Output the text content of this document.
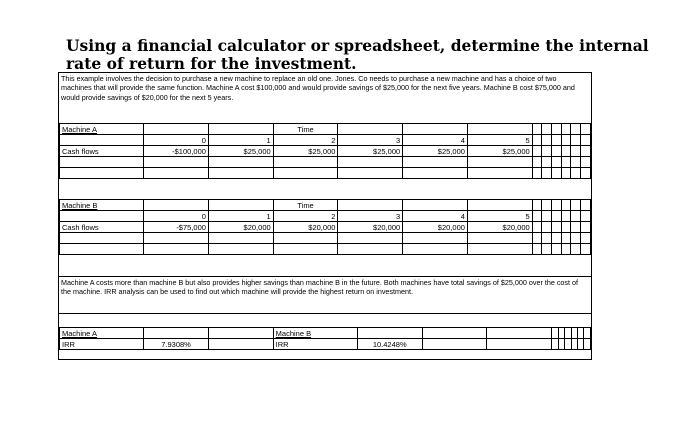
Using a financial calculator or spreadsheet, determine the internal rate of return for the investment.
This example involves the decision to purchase a new machine to replace an old one. Jones. Co needs to purchase a new machine and has a choice of two machines that will provide the same function. Machine A cost $100,000 and would provide savings of $25,000 for the next five years. Machine B cost $75,000 and would provide savings of $20,000 for the next 5 years.
Machine A			Time									
	0	1	2	3	4	5						
Cash flows	-$100,000	$25,000	$25,000	$25,000	$25,000	$25,000						

Machine B			Time									
	0	1	2	3	4	5						
Cash flows	-$75,000	$20,000	$20,000	$20,000	$20,000	$20,000						

Machine A costs more than machine B but also provides higher savings than machine B in the future. Both machines have total savings of $25,000 over the cost of the machine. IRR analysis can be used to find out which machine will provide the highest return on investment.
Machine A			Machine B									
IRR	7.9308%		IRR	10.4248%								
